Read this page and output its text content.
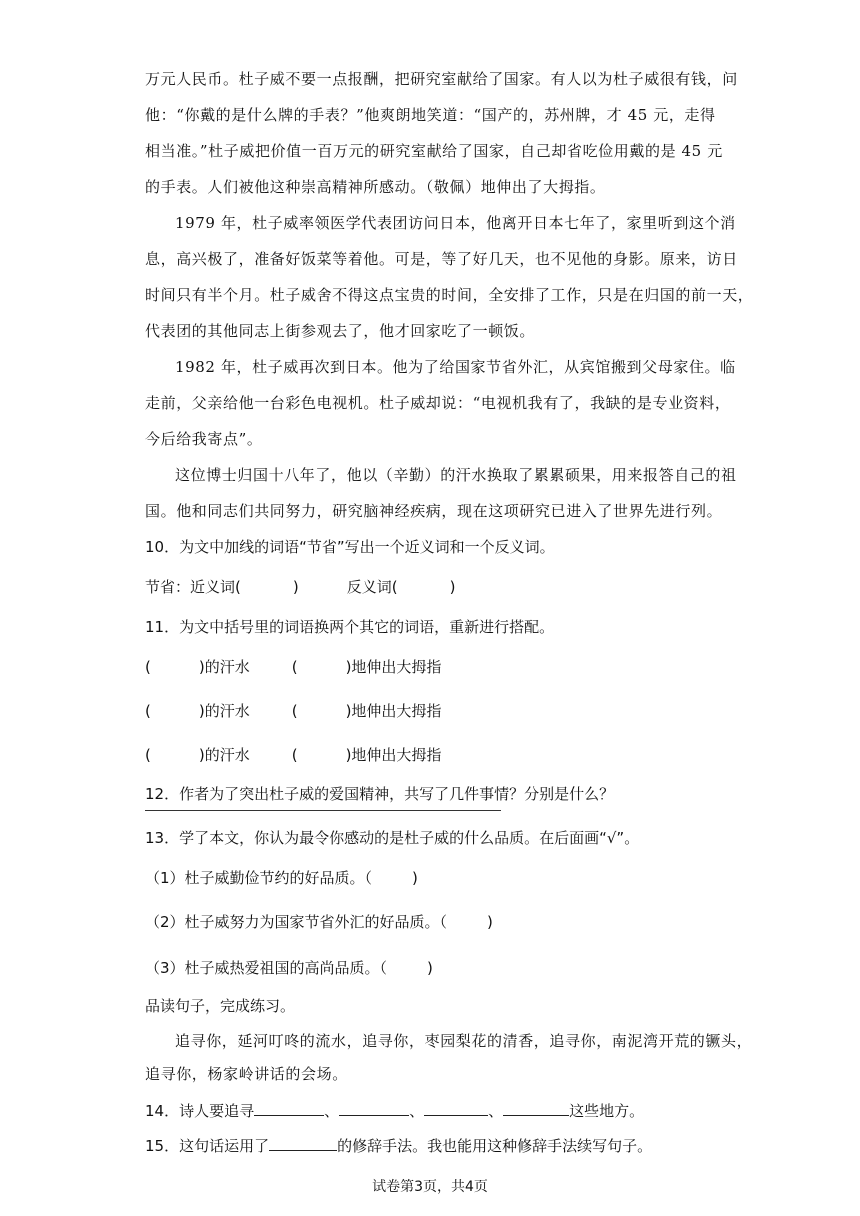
万元人民币。杜子威不要一点报酬，把研究室献给了国家。有人以为杜子威很有钱，问
他：“你戴的是什么牌的手表？”他爽朗地笑道：“国产的，苏州牌，才 45 元，走得
相当准。”杜子威把价值一百万元的研究室献给了国家，自己却省吃俭用戴的是 45 元
的手表。人们被他这种崇高精神所感动。（敬佩）地伸出了大拇指。
1979 年，杜子威率领医学代表团访问日本，他离开日本七年了，家里听到这个消
息，高兴极了，准备好饭菜等着他。可是，等了好几天，也不见他的身影。原来，访日
时间只有半个月。杜子威舍不得这点宝贵的时间，全安排了工作，只是在归国的前一天，
代表团的其他同志上街参观去了，他才回家吃了一顿饭。
1982 年，杜子威再次到日本。他为了给国家节省外汇，从宾馆搬到父母家住。临
走前，父亲给他一台彩色电视机。杜子威却说：“电视机我有了，我缺的是专业资料，
今后给我寄点”。
这位博士归国十八年了，他以（辛勤）的汗水换取了累累硕果，用来报答自己的祖
国。他和同志们共同努力，研究脑神经疾病，现在这项研究已进入了世界先进行列。
10．为文中加线的词语“节省”写出一个近义词和一个反义词。
节省：近义词(	)	反义词(	)
11．为文中括号里的词语换两个其它的词语，重新进行搭配。
(	)的汗水	(	)地伸出大拇指
(	)的汗水	(	)地伸出大拇指
(	)的汗水	(	)地伸出大拇指
12．作者为了突出杜子威的爱国精神，共写了几件事情？分别是什么？
13．学了本文，你认为最令你感动的是杜子威的什么品质。在后面画“√”。
（1）杜子威勤俭节约的好品质。（	)
（2）杜子威努力为国家节省外汇的好品质。（	)
（3）杜子威热爱祖国的高尚品质。（	)
品读句子，完成练习。
追寻你，延河叮咚的流水，追寻你，枣园梨花的清香，追寻你，南泥湾开荒的镢头，
追寻你，杨家岭讲话的会场。
14．诗人要追寻	、	、	、	这些地方。
15．这句话运用了	的修辞手法。我也能用这种修辞手法续写句子。
试卷第3页，共4页
